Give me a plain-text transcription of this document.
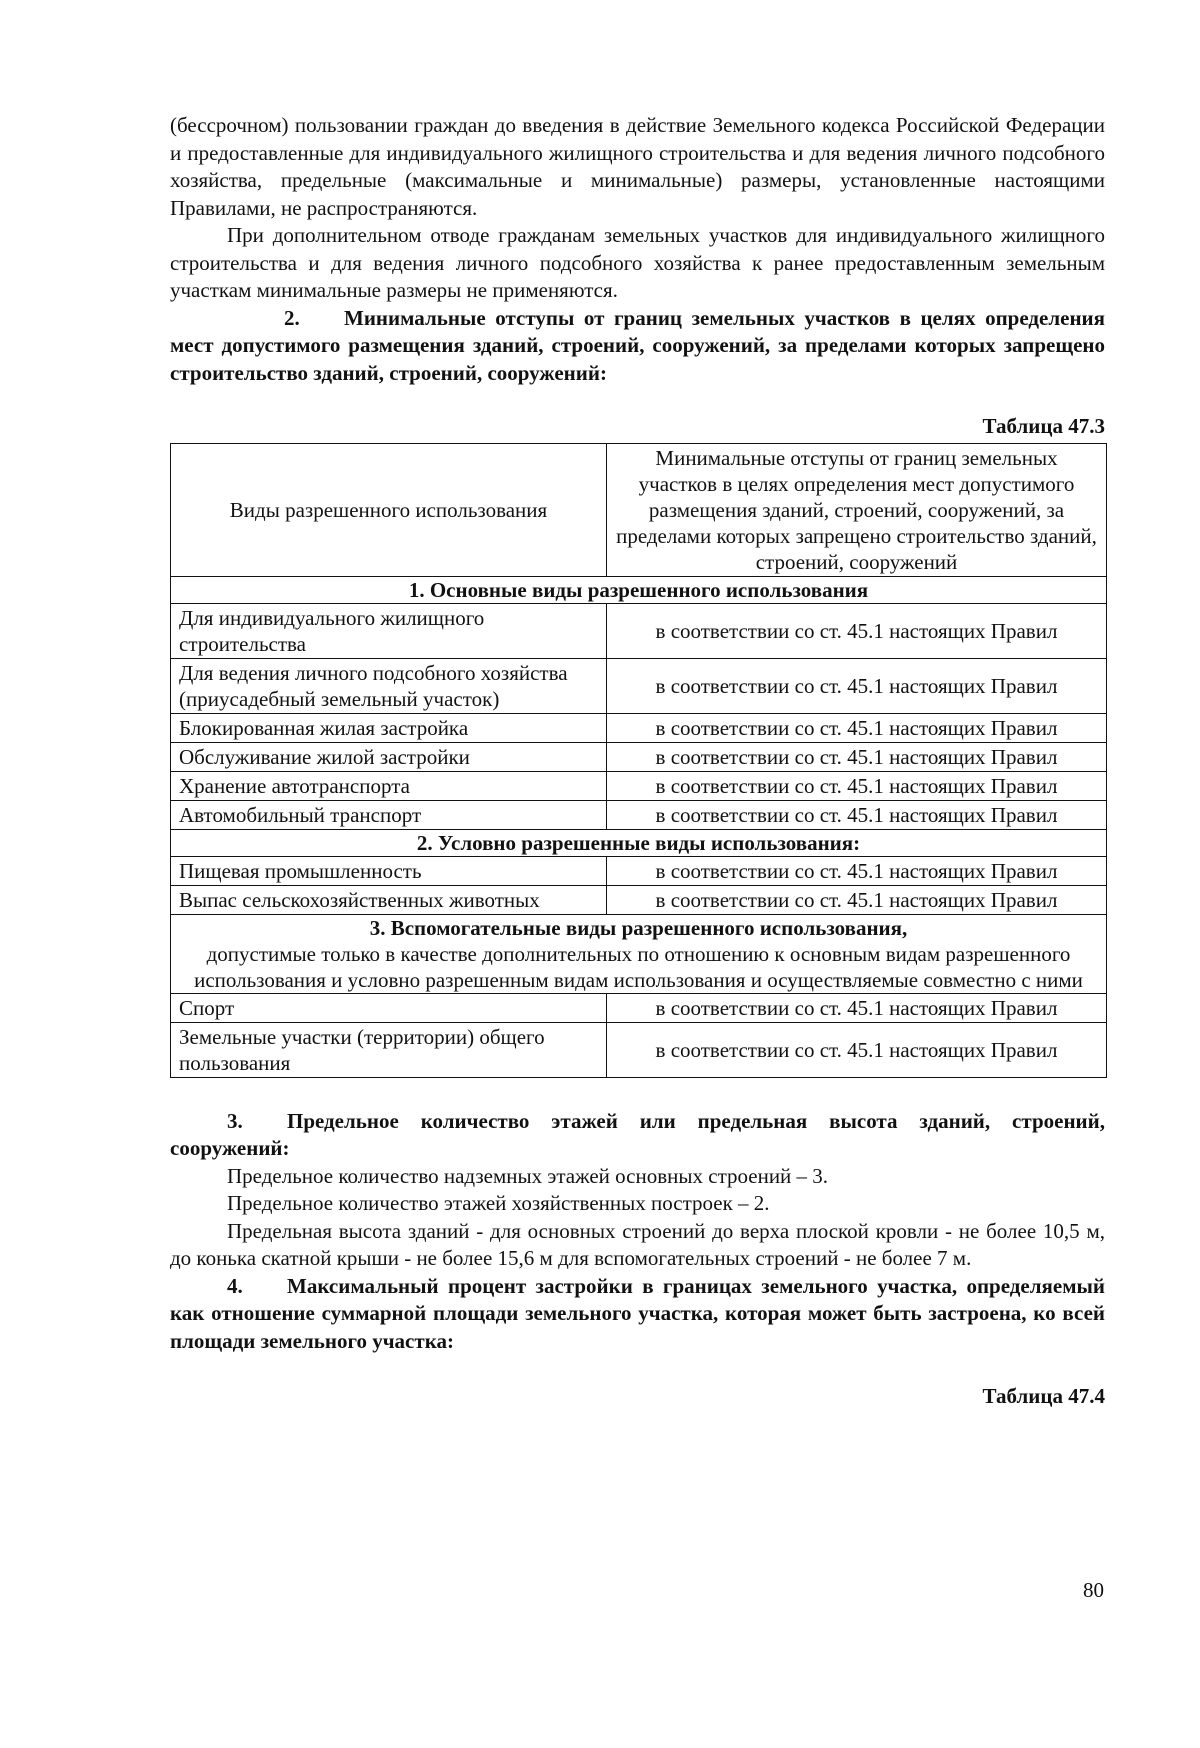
(бессрочном) пользовании граждан до введения в действие Земельного кодекса Российской Федерации и предоставленные для индивидуального жилищного строительства и для ведения личного подсобного хозяйства, предельные (максимальные и минимальные) размеры, установленные настоящими Правилами, не распространяются.

При дополнительном отводе гражданам земельных участков для индивидуального жилищного строительства и для ведения личного подсобного хозяйства к ранее предоставленным земельным участкам минимальные размеры не применяются.

2. Минимальные отступы от границ земельных участков в целях определения мест допустимого размещения зданий, строений, сооружений, за пределами которых запрещено строительство зданий, строений, сооружений:

Таблица 47.3
Виды разрешенного использования	Минимальные отступы от границ земельных участков в целях определения мест допустимого размещения зданий, строений, сооружений, за пределами которых запрещено строительство зданий, строений, сооружений
1. Основные виды разрешенного использования	
Для индивидуального жилищного строительства	в соответствии со ст. 45.1 настоящих Правил
Для ведения личного подсобного хозяйства (приусадебный земельный участок)	в соответствии со ст. 45.1 настоящих Правил
Блокированная жилая застройка	в соответствии со ст. 45.1 настоящих Правил
Обслуживание жилой застройки	в соответствии со ст. 45.1 настоящих Правил
Хранение автотранспорта	в соответствии со ст. 45.1 настоящих Правил
Автомобильный транспорт	в соответствии со ст. 45.1 настоящих Правил
2. Условно разрешенные виды использования:	
Пищевая промышленность	в соответствии со ст. 45.1 настоящих Правил
Выпас сельскохозяйственных животных	в соответствии со ст. 45.1 настоящих Правил
3. Вспомогательные виды разрешенного использования,
допустимые только в качестве дополнительных по отношению к основным видам разрешенного использования и условно разрешенным видам использования и осуществляемые совместно с ними	

Спорт	в соответствии со ст. 45.1 настоящих Правил
Земельные участки (территории) общего пользования	в соответствии со ст. 45.1 настоящих Правил

3. Предельное количество этажей или предельная высота зданий, строений, сооружений:

Предельное количество надземных этажей основных строений – 3.

Предельное количество этажей хозяйственных построек – 2.

Предельная высота зданий - для основных строений до верха плоской кровли - не более 10,5 м, до конька скатной крыши - не более 15,6 м для вспомогательных строений - не более 7 м.

4. Максимальный процент застройки в границах земельного участка, определяемый как отношение суммарной площади земельного участка, которая может быть застроена, ко всей площади земельного участка:

Таблица 47.4
80
